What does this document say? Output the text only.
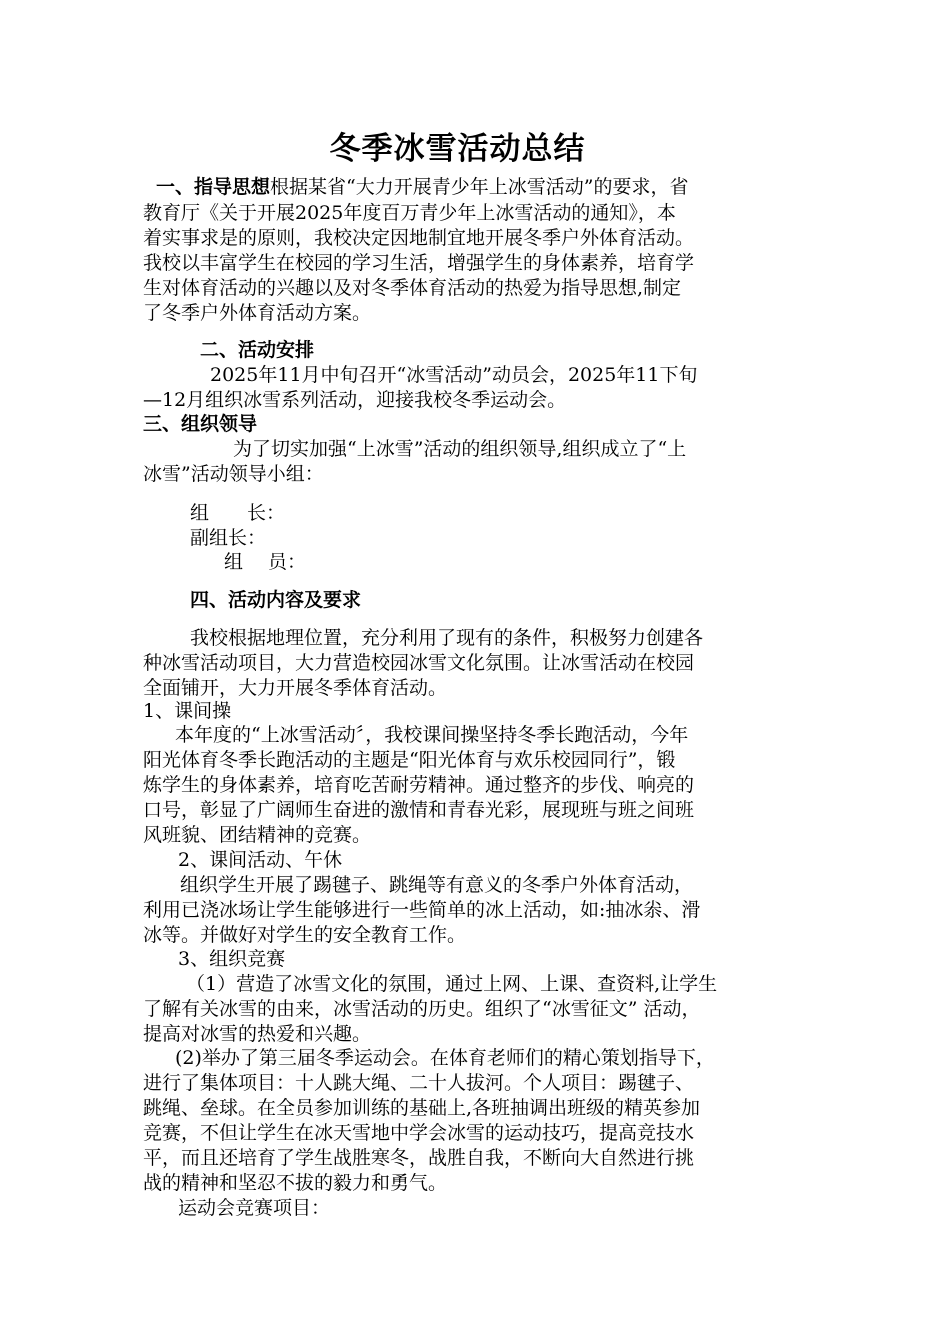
冬季冰雪活动总结
一、指导思想根据某省“大力开展青少年上冰雪活动”的要求，省
教育厅《关于开展2025年度百万青少年上冰雪活动的通知》，本
着实事求是的原则，我校决定因地制宜地开展冬季户外体育活动。
我校以丰富学生在校园的学习生活，增强学生的身体素养，培育学
生对体育活动的兴趣以及对冬季体育活动的热爱为指导思想,制定
了冬季户外体育活动方案。
二、活动安排
2025年11月中旬召开“冰雪活动”动员会，2025年11下旬
—12月组织冰雪系列活动，迎接我校冬季运动会。
三、组织领导
为了切实加强“上冰雪”活动的组织领导,组织成立了“上
冰雪”活动领导小组：
组　　长：
副组长：
组　 员：
四、活动内容及要求
我校根据地理位置，充分利用了现有的条件，积极努力创建各
种冰雪活动项目，大力营造校园冰雪文化氛围。让冰雪活动在校园
全面铺开，大力开展冬季体育活动。
1、课间操
本年度的“上冰雪活动〞，我校课间操坚持冬季长跑活动，今年
阳光体育冬季长跑活动的主题是“阳光体育与欢乐校园同行”，锻
炼学生的身体素养，培育吃苦耐劳精神。通过整齐的步伐、响亮的
口号，彰显了广阔师生奋进的激情和青春光彩，展现班与班之间班
风班貌、团结精神的竞赛。
2、课间活动、午休
组织学生开展了踢毽子、跳绳等有意义的冬季户外体育活动，
利用已浇冰场让学生能够进行一些简单的冰上活动，如:抽冰尜、滑
冰等。并做好对学生的安全教育工作。
3、组织竞赛
（1）营造了冰雪文化的氛围，通过上网、上课、查资料,让学生
了解有关冰雪的由来，冰雪活动的历史。组织了“冰雪征文” 活动，
提高对冰雪的热爱和兴趣。
(2)举办了第三届冬季运动会。在体育老师们的精心策划指导下，
进行了集体项目：十人跳大绳、二十人拔河。个人项目：踢毽子、
跳绳、垒球。在全员参加训练的基础上,各班抽调出班级的精英参加
竞赛，不但让学生在冰天雪地中学会冰雪的运动技巧，提高竞技水
平，而且还培育了学生战胜寒冬，战胜自我，不断向大自然进行挑
战的精神和坚忍不拔的毅力和勇气。
运动会竞赛项目：
